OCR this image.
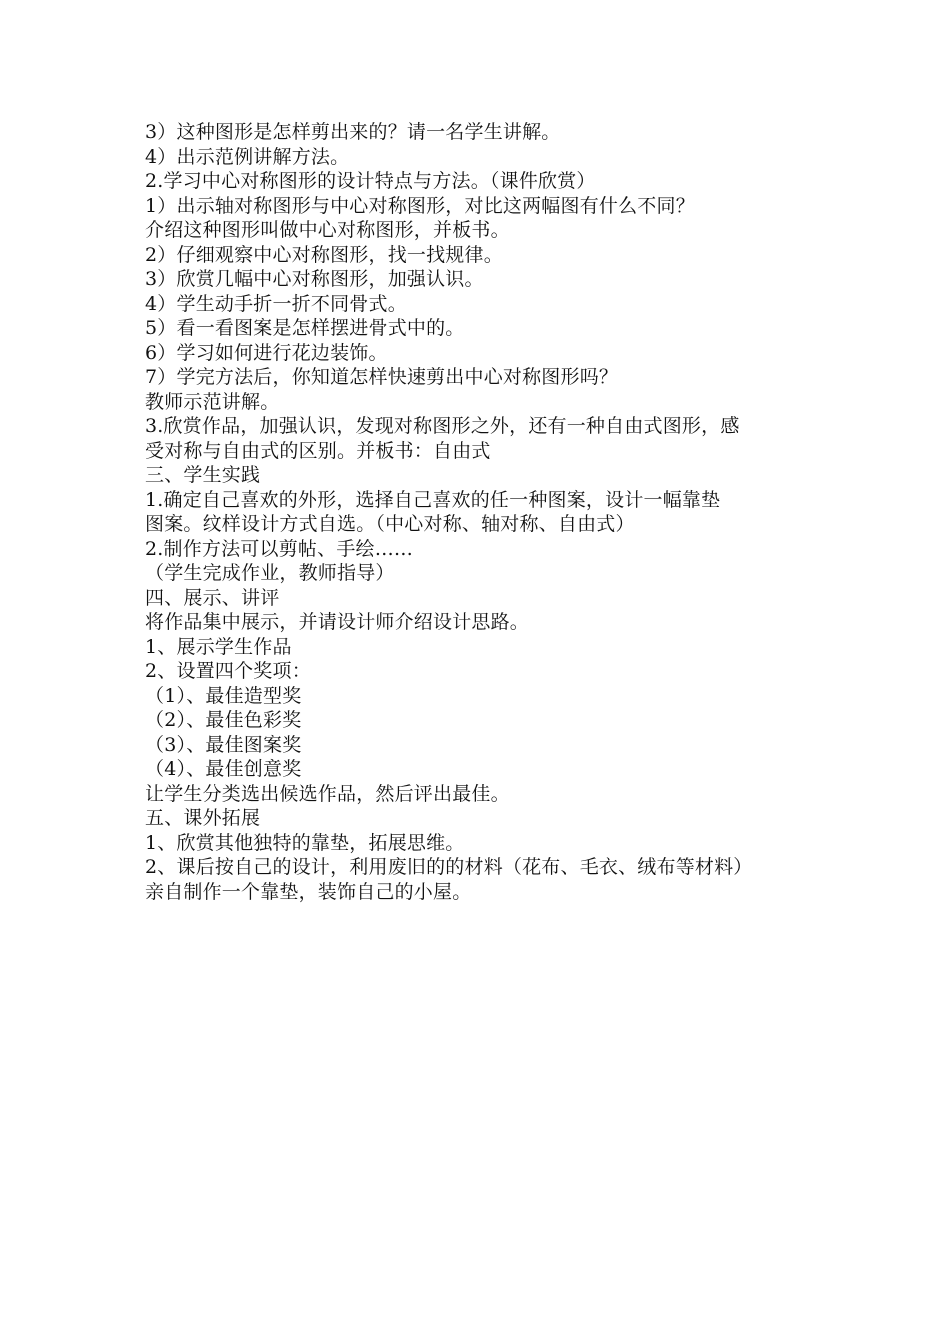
3）这种图形是怎样剪出来的？请一名学生讲解。
4）出示范例讲解方法。
2.学习中心对称图形的设计特点与方法。（课件欣赏）
1）出示轴对称图形与中心对称图形，对比这两幅图有什么不同？
介绍这种图形叫做中心对称图形，并板书。
2）仔细观察中心对称图形，找一找规律。
3）欣赏几幅中心对称图形，加强认识。
4）学生动手折一折不同骨式。
5）看一看图案是怎样摆进骨式中的。
6）学习如何进行花边装饰。
7）学完方法后，你知道怎样快速剪出中心对称图形吗？
教师示范讲解。
3.欣赏作品，加强认识，发现对称图形之外，还有一种自由式图形，感
受对称与自由式的区别。并板书：自由式
三、学生实践
1.确定自己喜欢的外形，选择自己喜欢的任一种图案，设计一幅靠垫
图案。纹样设计方式自选。（中心对称、轴对称、自由式）
2.制作方法可以剪帖、手绘……
（学生完成作业，教师指导）
四、展示、讲评
将作品集中展示，并请设计师介绍设计思路。
1、展示学生作品
2、设置四个奖项：
（1）、最佳造型奖
（2）、最佳色彩奖
（3）、最佳图案奖
（4）、最佳创意奖
让学生分类选出候选作品，然后评出最佳。
五、课外拓展
1、欣赏其他独特的靠垫，拓展思维。
2、课后按自己的设计，利用废旧的的材料（花布、毛衣、绒布等材料）
亲自制作一个靠垫，装饰自己的小屋。
